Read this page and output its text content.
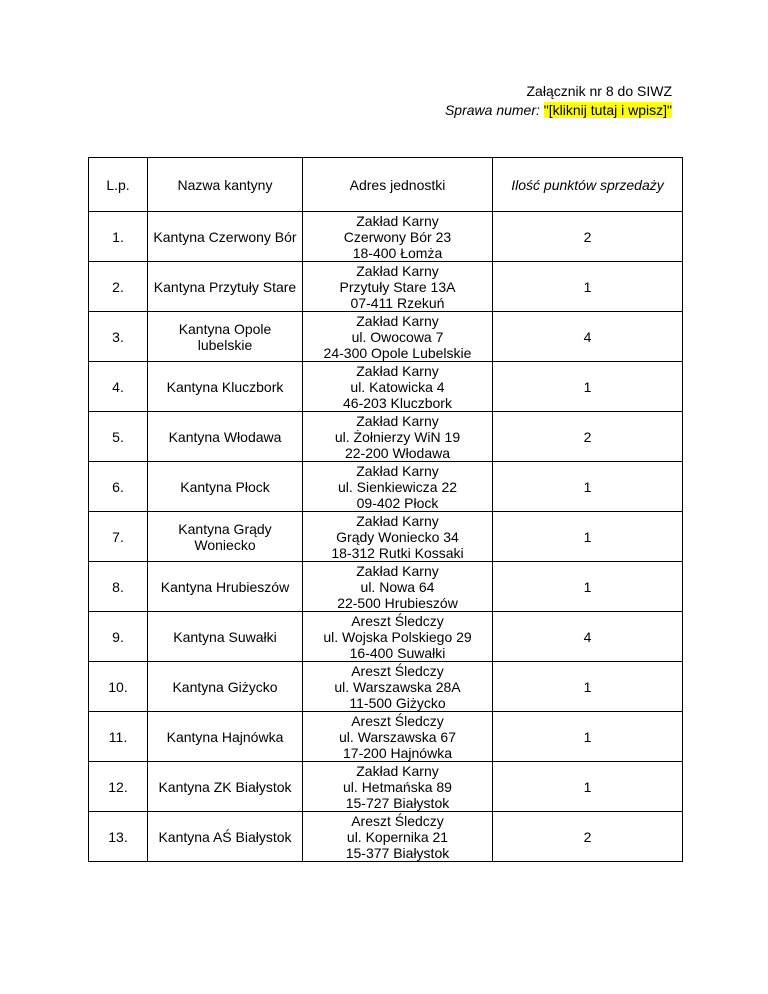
Załącznik nr 8 do SIWZ
Sprawa numer: "[kliknij tutaj i wpisz]"
L.p.	Nazwa kantyny	Adres jednostki	Ilość punktów sprzedaży
1.	Kantyna Czerwony Bór	Zakład Karny
Czerwony Bór 23
18-400 Łomża	2
2.	Kantyna Przytuły Stare	Zakład Karny
Przytuły Stare 13A
07-411 Rzekuń	1
3.	Kantyna Opole lubelskie	Zakład Karny
ul. Owocowa 7
24-300 Opole Lubelskie	4
4.	Kantyna Kluczbork	Zakład Karny
ul. Katowicka 4
46-203 Kluczbork	1
5.	Kantyna Włodawa	Zakład Karny
ul. Żołnierzy WiN 19
22-200 Włodawa	2
6.	Kantyna Płock	Zakład Karny
ul. Sienkiewicza 22
09-402 Płock	1
7.	Kantyna Grądy Woniecko	Zakład Karny
Grądy Woniecko 34
18-312 Rutki Kossaki	1
8.	Kantyna Hrubieszów	Zakład Karny
ul. Nowa 64
22-500 Hrubieszów	1
9.	Kantyna Suwałki	Areszt Śledczy
ul. Wojska Polskiego 29
16-400 Suwałki	4
10.	Kantyna Giżycko	Areszt Śledczy
ul. Warszawska 28A
11-500 Giżycko	1
11.	Kantyna Hajnówka	Areszt Śledczy
ul. Warszawska 67
17-200 Hajnówka	1
12.	Kantyna ZK Białystok	Zakład Karny
ul. Hetmańska 89
15-727 Białystok	1
13.	Kantyna AŚ Białystok	Areszt Śledczy
ul. Kopernika 21
15-377 Białystok	2
